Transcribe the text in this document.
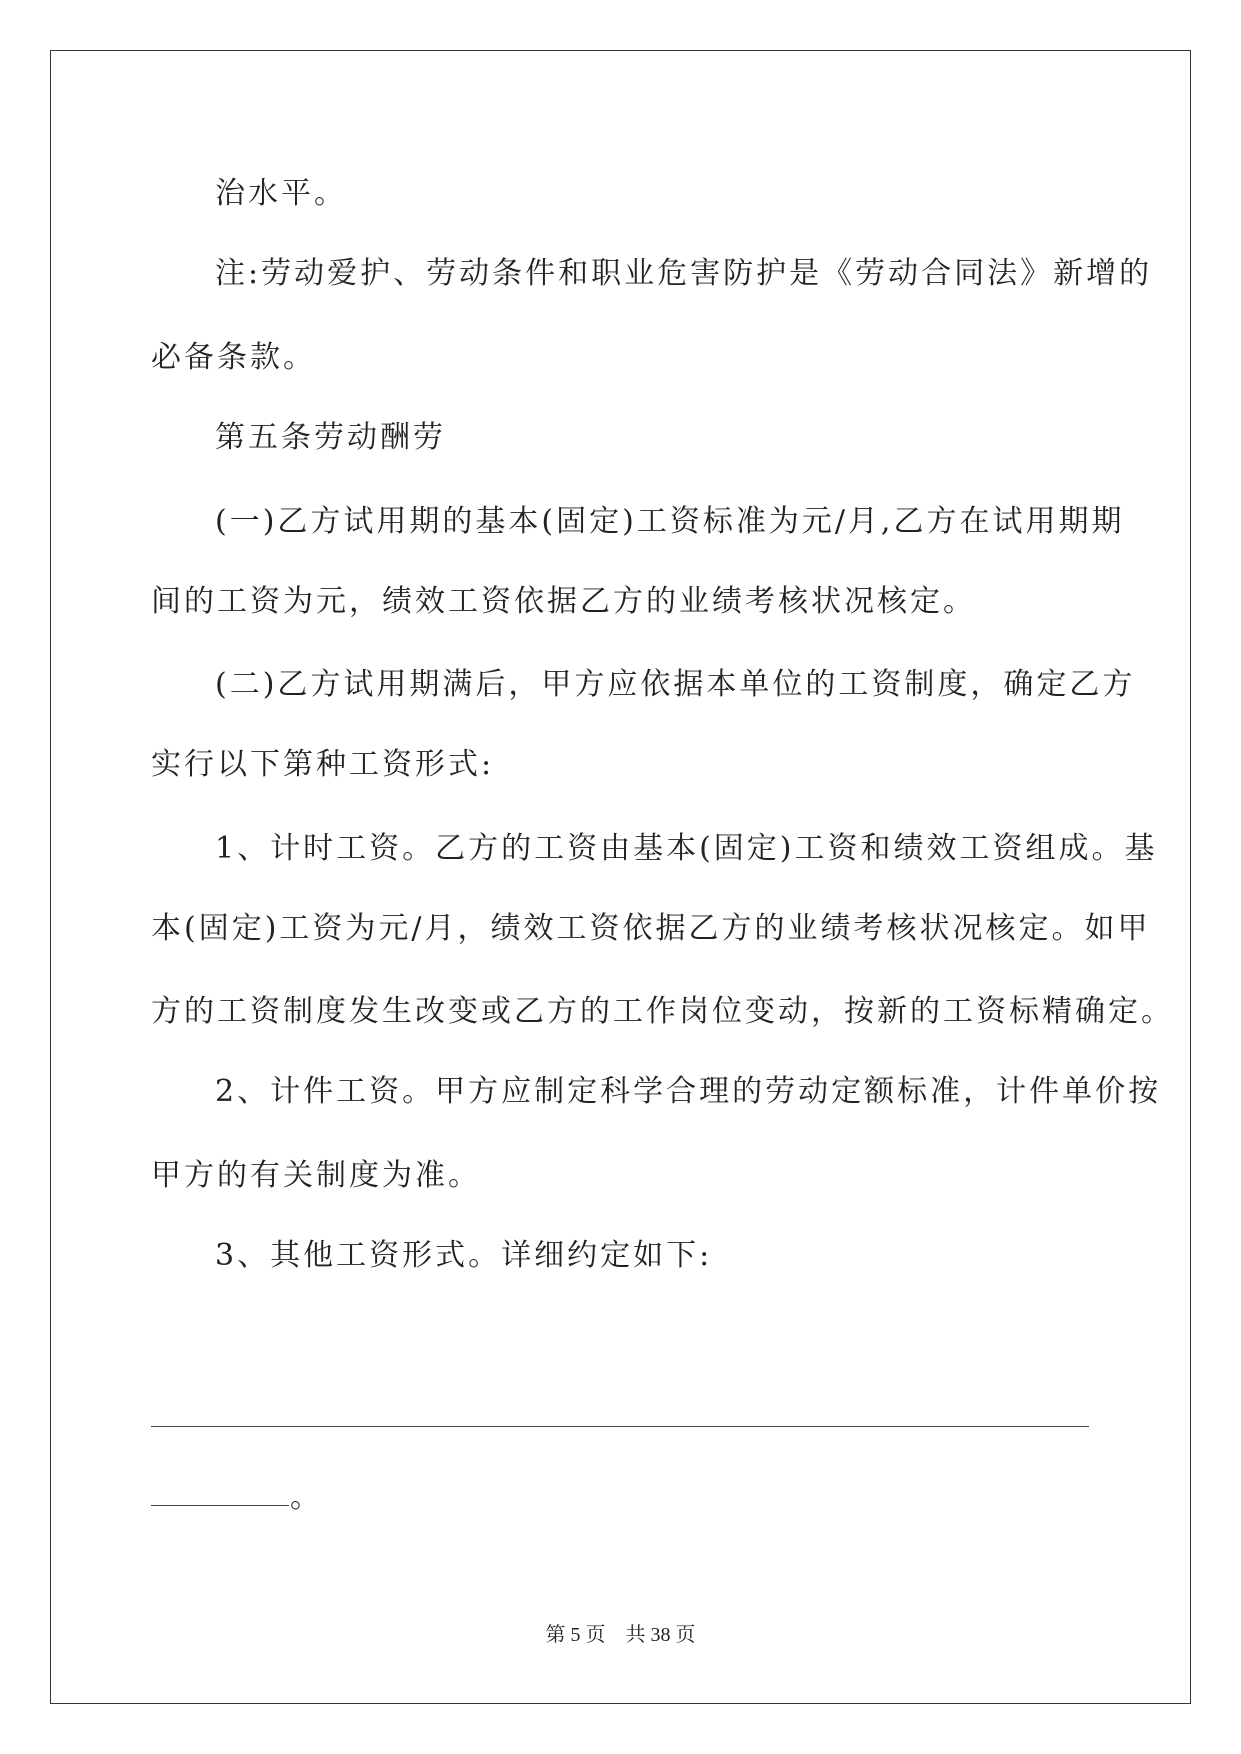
治水平。
注:劳动爱护、劳动条件和职业危害防护是《劳动合同法》新增的
必备条款。
第五条劳动酬劳
(一)乙方试用期的基本(固定)工资标准为元/月,乙方在试用期期
间的工资为元，绩效工资依据乙方的业绩考核状况核定。
(二)乙方试用期满后，甲方应依据本单位的工资制度，确定乙方
实行以下第种工资形式:
1、计时工资。乙方的工资由基本(固定)工资和绩效工资组成。基
本(固定)工资为元/月，绩效工资依据乙方的业绩考核状况核定。如甲
方的工资制度发生改变或乙方的工作岗位变动，按新的工资标精确定。
2、计件工资。甲方应制定科学合理的劳动定额标准，计件单价按
甲方的有关制度为准。
3、其他工资形式。详细约定如下:
。
第 5 页 共 38 页
